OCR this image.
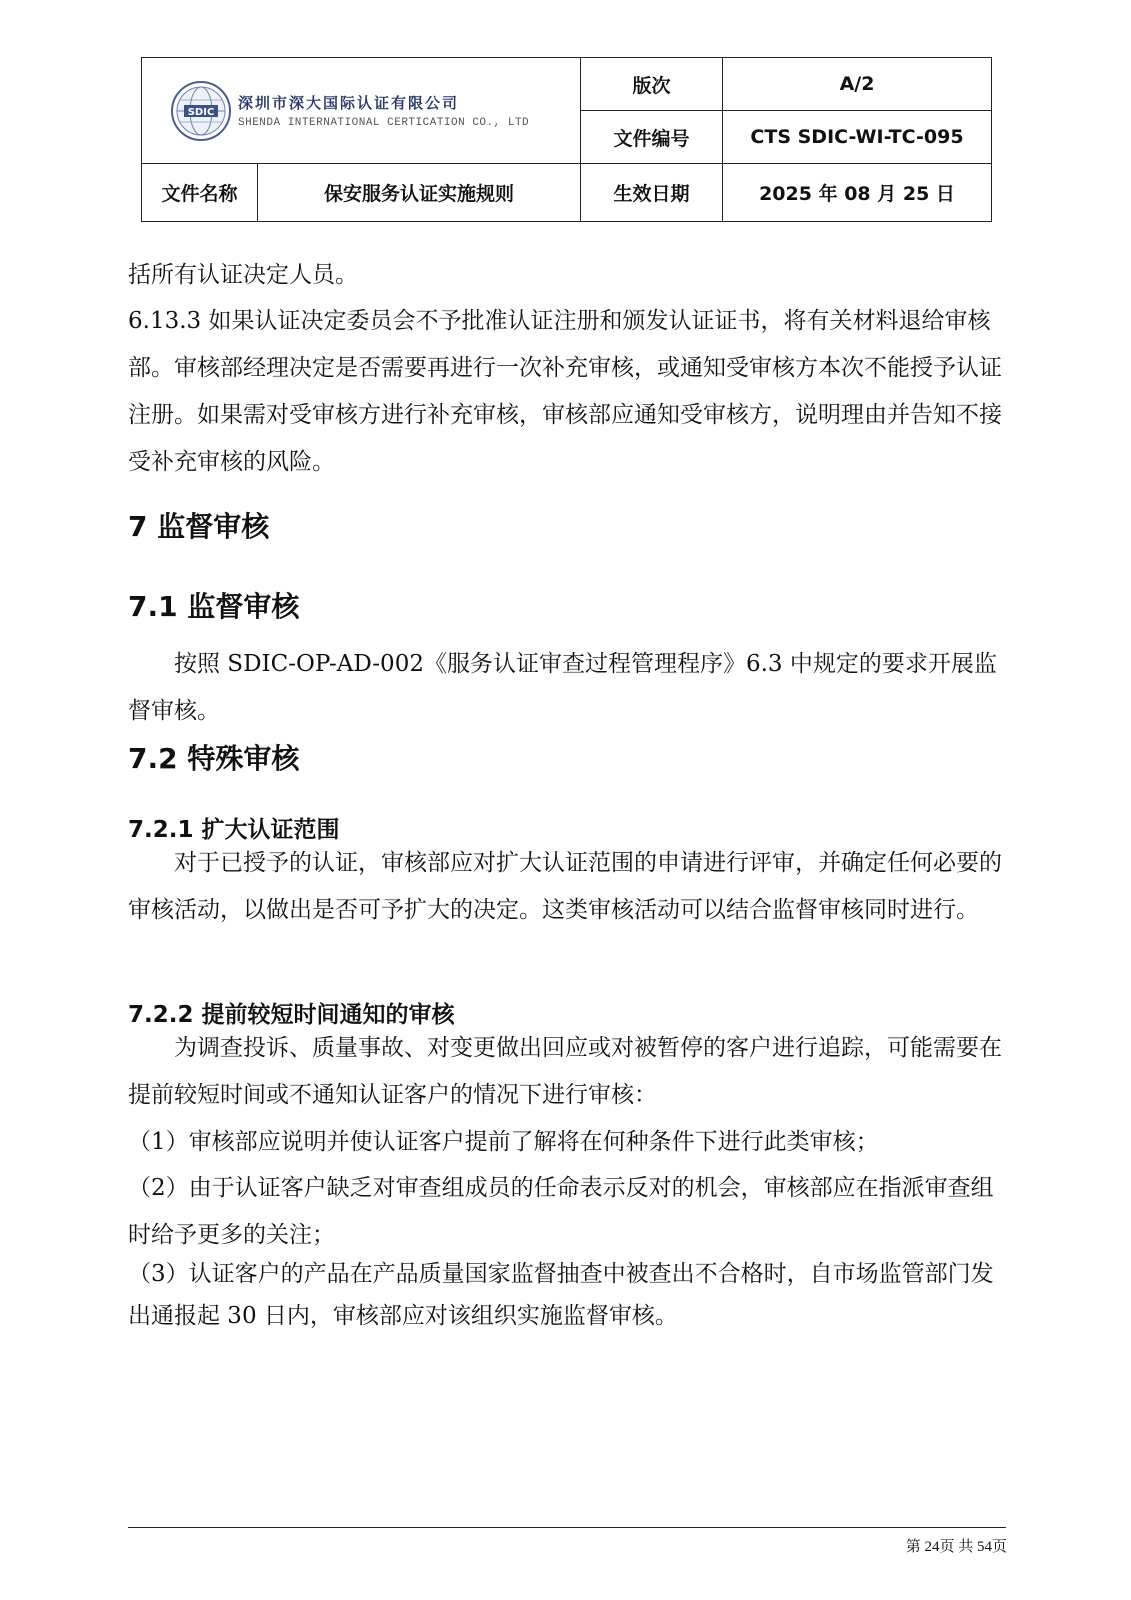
SDIC 深圳市深大国际认证有限公司
SHENDA INTERNATIONAL CERTICATION CO., LTD		版次	A/2
		文件编号	CTS SDIC-WI-TC-095
文件名称	保安服务认证实施规则	生效日期	2025 年 08 月 25 日

括所有认证决定人员。

6.13.3 如果认证决定委员会不予批准认证注册和颁发认证证书，将有关材料退给审核部。审核部经理决定是否需要再进行一次补充审核，或通知受审核方本次不能授予认证注册。如果需对受审核方进行补充审核，审核部应通知受审核方，说明理由并告知不接受补充审核的风险。

7 监督审核
7.1 监督审核

按照 SDIC-OP-AD-002《服务认证审查过程管理程序》6.3 中规定的要求开展监督审核。

7.2 特殊审核
7.2.1 扩大认证范围

对于已授予的认证，审核部应对扩大认证范围的申请进行评审，并确定任何必要的审核活动，以做出是否可予扩大的决定。这类审核活动可以结合监督审核同时进行。

7.2.2 提前较短时间通知的审核

为调查投诉、质量事故、对变更做出回应或对被暂停的客户进行追踪，可能需要在提前较短时间或不通知认证客户的情况下进行审核：

（1）审核部应说明并使认证客户提前了解将在何种条件下进行此类审核；

（2）由于认证客户缺乏对审查组成员的任命表示反对的机会，审核部应在指派审查组时给予更多的关注；

（3）认证客户的产品在产品质量国家监督抽查中被查出不合格时，自市场监管部门发出通报起 30 日内，审核部应对该组织实施监督审核。

第 24页 共 54页
